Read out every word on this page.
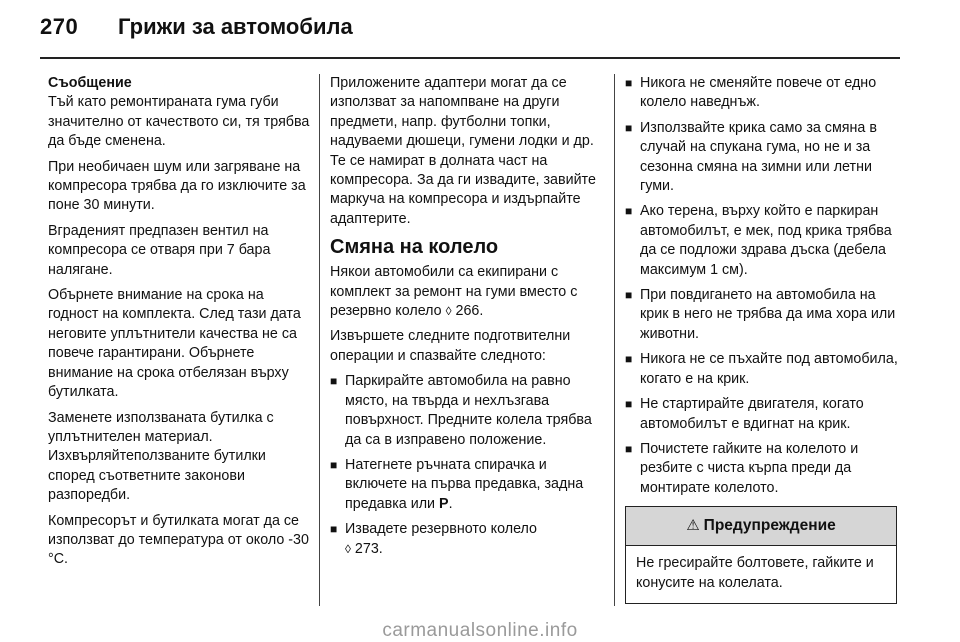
270 Грижи за автомобила
Съобщение

Тъй като ремонтираната гума губи значително от качеството си, тя трябва да бъде сменена.

При необичаен шум или загряване на компресора трябва да го изключите за поне 30 минути.

Вграденият предпазен вентил на компресора се отваря при 7 бара налягане.

Обърнете внимание на срока на годност на комплекта. След тази дата неговите уплътнители качества не са повече гарантирани. Обърнете внимание на срока отбелязан върху бутилката.

Заменете използваната бутилка с уплътнителен материал. Изхвърляйтеползваните бутилки според съответните законови разпоредби.

Компресорът и бутилката могат да се използват до температура от около -30 °C.

Приложените адаптери могат да се използват за напомпване на други предмети, напр. футболни топки, надуваеми дюшеци, гумени лодки и др. Те се намират в долната част на компресора. За да ги извадите, завийте маркуча на компресора и издърпайте адаптерите.

Смяна на колело

Някои автомобили са екипирани с комплект за ремонт на гуми вместо с резервно колело ◊ 266.

Извършете следните подготвителни операции и спазвайте следното:

■ Паркирайте автомобила на равно място, на твърда и нехлъзгава повърхност. Предните колела трябва да са в изправено положение.
■ Натегнете ръчната спирачка и включете на първа предавка, задна предавка или P.
■ Извадете резервното колело
◊ 273.
■ Никога не сменяйте повече от едно колело наведнъж.
■ Използвайте крика само за смяна в случай на спукана гума, но не и за сезонна смяна на зимни или летни гуми.
■ Ако терена, върху който е паркиран автомобилът, е мек, под крика трябва да се подложи здрава дъска (дебела максимум 1 см).
■ При повдигането на автомобила на крик в него не трябва да има хора или животни.
■ Никога не се пъхайте под автомобила, когато е на крик.
■ Не стартирайте двигателя, когато автомобилът е вдигнат на крик.
■ Почистете гайките на колелото и резбите с чиста кърпа преди да монтирате колелото.
⚠ Предупреждение
Не гресирайте болтовете, гайките и конусите на колелата.
carmanualsonline.info
